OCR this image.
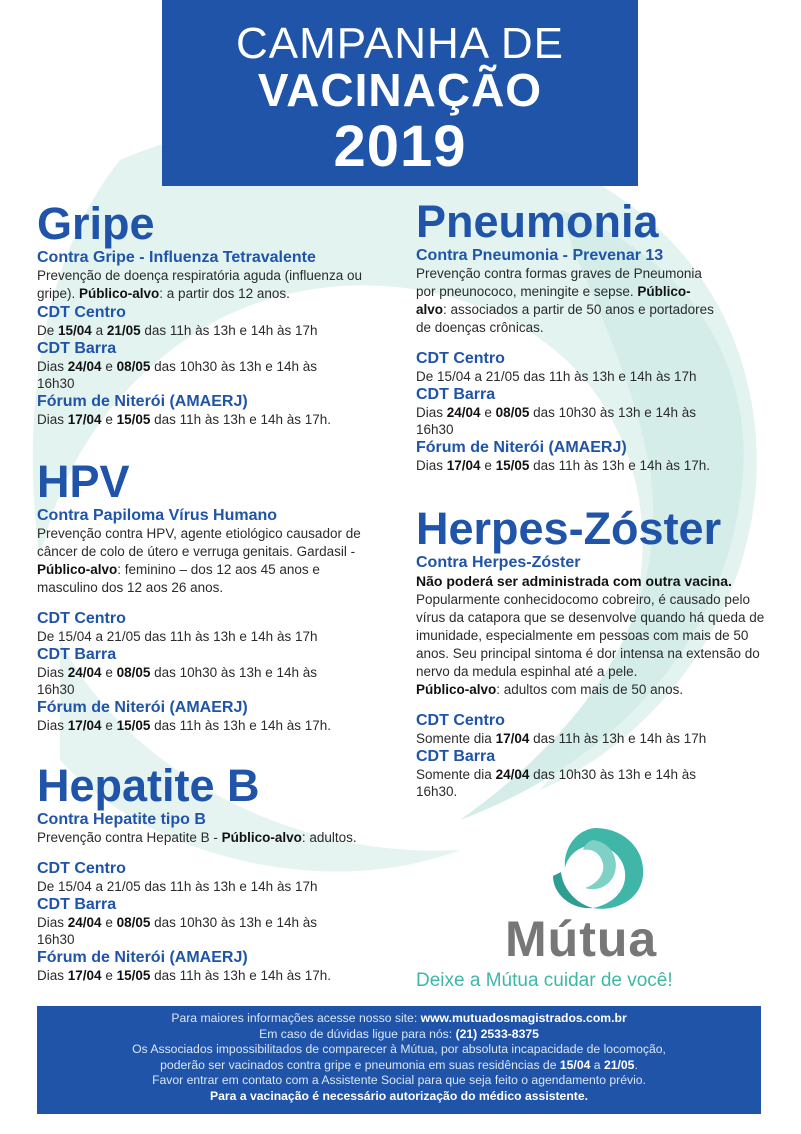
CAMPANHA DE
VACINAÇÃO
2019
Gripe
Contra Gripe - Influenza Tetravalente
Prevenção de doença respiratória aguda (influenza ou gripe). Público-alvo: a partir dos 12 anos.
CDT Centro
De 15/04 a 21/05 das 11h às 13h e 14h às 17h
CDT Barra
Dias 24/04 e 08/05 das 10h30 às 13h e 14h às 16h30
Fórum de Niterói (AMAERJ)
Dias 17/04 e 15/05 das 11h às 13h e 14h às 17h.
HPV
Contra Papiloma Vírus Humano
Prevenção contra HPV, agente etiológico causador de câncer de colo de útero e verruga genitais. Gardasil - Público-alvo: feminino – dos 12 aos 45 anos e masculino dos 12 aos 26 anos.
CDT Centro
De 15/04 a 21/05 das 11h às 13h e 14h às 17h
CDT Barra
Dias 24/04 e 08/05 das 10h30 às 13h e 14h às 16h30
Fórum de Niterói (AMAERJ)
Dias 17/04 e 15/05 das 11h às 13h e 14h às 17h.
Hepatite B
Contra Hepatite tipo B
Prevenção contra Hepatite B - Público-alvo: adultos.
CDT Centro
De 15/04 a 21/05 das 11h às 13h e 14h às 17h
CDT Barra
Dias 24/04 e 08/05 das 10h30 às 13h e 14h às 16h30
Fórum de Niterói (AMAERJ)
Dias 17/04 e 15/05 das 11h às 13h e 14h às 17h.
Pneumonia
Contra Pneumonia - Prevenar 13
Prevenção contra formas graves de Pneumonia por pneunococo, meningite e sepse. Público-alvo: associados a partir de 50 anos e portadores de doenças crônicas.
CDT Centro
De 15/04 a 21/05 das 11h às 13h e 14h às 17h
CDT Barra
Dias 24/04 e 08/05 das 10h30 às 13h e 14h às 16h30
Fórum de Niterói (AMAERJ)
Dias 17/04 e 15/05 das 11h às 13h e 14h às 17h.
Herpes-Zóster
Contra Herpes-Zóster
Não poderá ser administrada com outra vacina. Popularmente conhecidocomo cobreiro, é causado pelo vírus da catapora que se desenvolve quando há queda de imunidade, especialmente em pessoas com mais de 50 anos. Seu principal sintoma é dor intensa na extensão do nervo da medula espinhal até a pele.
Público-alvo: adultos com mais de 50 anos.
CDT Centro
Somente dia 17/04 das 11h às 13h e 14h às 17h
CDT Barra
Somente dia 24/04 das 10h30 às 13h e 14h às 16h30.
Mútua
Deixe a Mútua cuidar de você!
Para maiores informações acesse nosso site: www.mutuadosmagistrados.com.br
Em caso de dúvidas ligue para nós: (21) 2533-8375
Os Associados impossibilitados de comparecer à Mútua, por absoluta incapacidade de locomoção,
poderão ser vacinados contra gripe e pneumonia em suas residências de 15/04 a 21/05.
Favor entrar em contato com a Assistente Social para que seja feito o agendamento prévio.
Para a vacinação é necessário autorização do médico assistente.
